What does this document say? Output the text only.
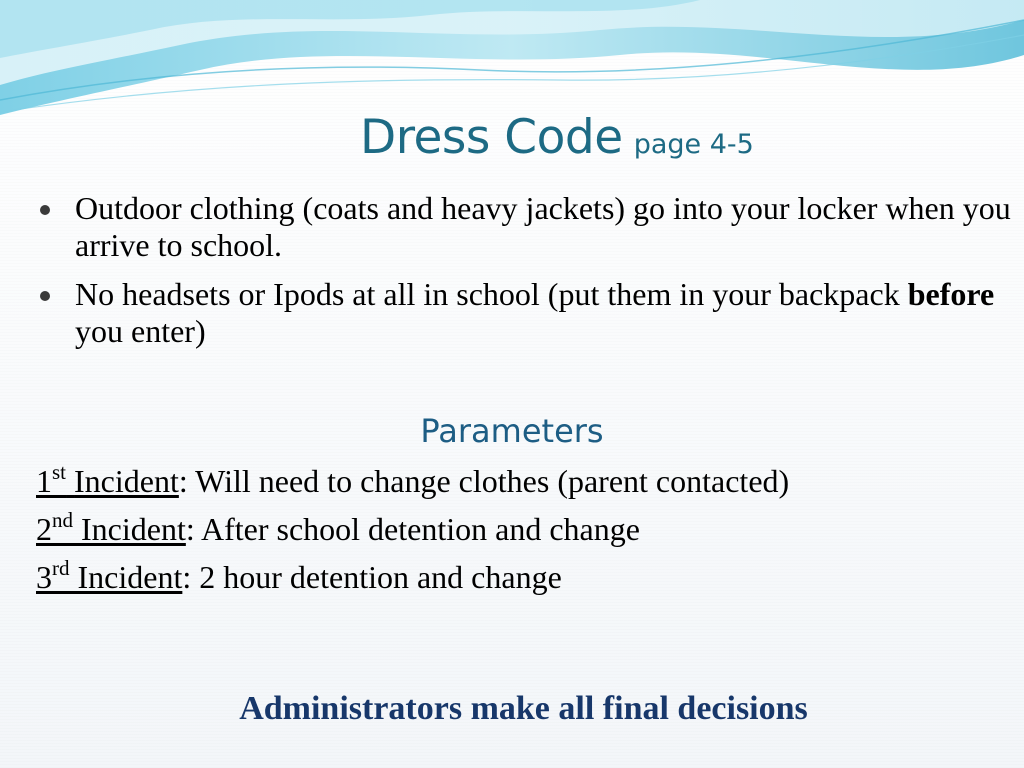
Dress Code page 4-5
Outdoor clothing (coats and heavy jackets) go into your locker when you arrive to school.
No headsets or Ipods at all in school (put them in your backpack before you enter)
Parameters
1st Incident: Will need to change clothes (parent contacted)
2nd Incident: After school detention and change
3rd Incident: 2 hour detention and change
Administrators make all final decisions
